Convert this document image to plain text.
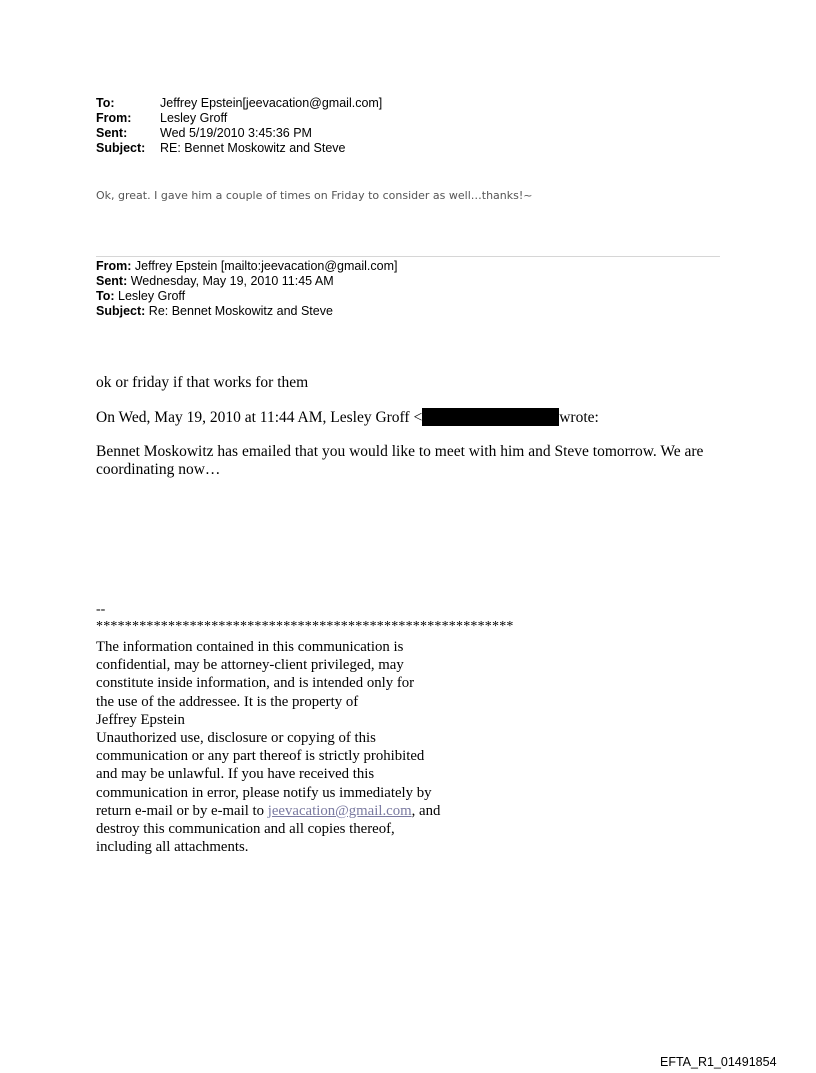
To:	Jeffrey Epstein[jeevacation@gmail.com]
From:	Lesley Groff
Sent:	Wed 5/19/2010 3:45:36 PM
Subject:	RE: Bennet Moskowitz and Steve
Ok, great. I gave him a couple of times on Friday to consider as well…thanks!~
From: Jeffrey Epstein [mailto:jeevacation@gmail.com]
Sent: Wednesday, May 19, 2010 11:45 AM
To: Lesley Groff
Subject: Re: Bennet Moskowitz and Steve
ok or friday if that works for them
On Wed, May 19, 2010 at 11:44 AM, Lesley Groff <	wrote:
Bennet Moskowitz has emailed that you would like to meet with him and Steve tomorrow. We are coordinating now…
--
**********************************************************
The information contained in this communication is
confidential, may be attorney-client privileged, may
constitute inside information, and is intended only for
the use of the addressee. It is the property of
Jeffrey Epstein
Unauthorized use, disclosure or copying of this
communication or any part thereof is strictly prohibited
and may be unlawful. If you have received this
communication in error, please notify us immediately by
return e-mail or by e-mail to jeevacation@gmail.com, and
destroy this communication and all copies thereof,
including all attachments.
EFTA_R1_01491854
